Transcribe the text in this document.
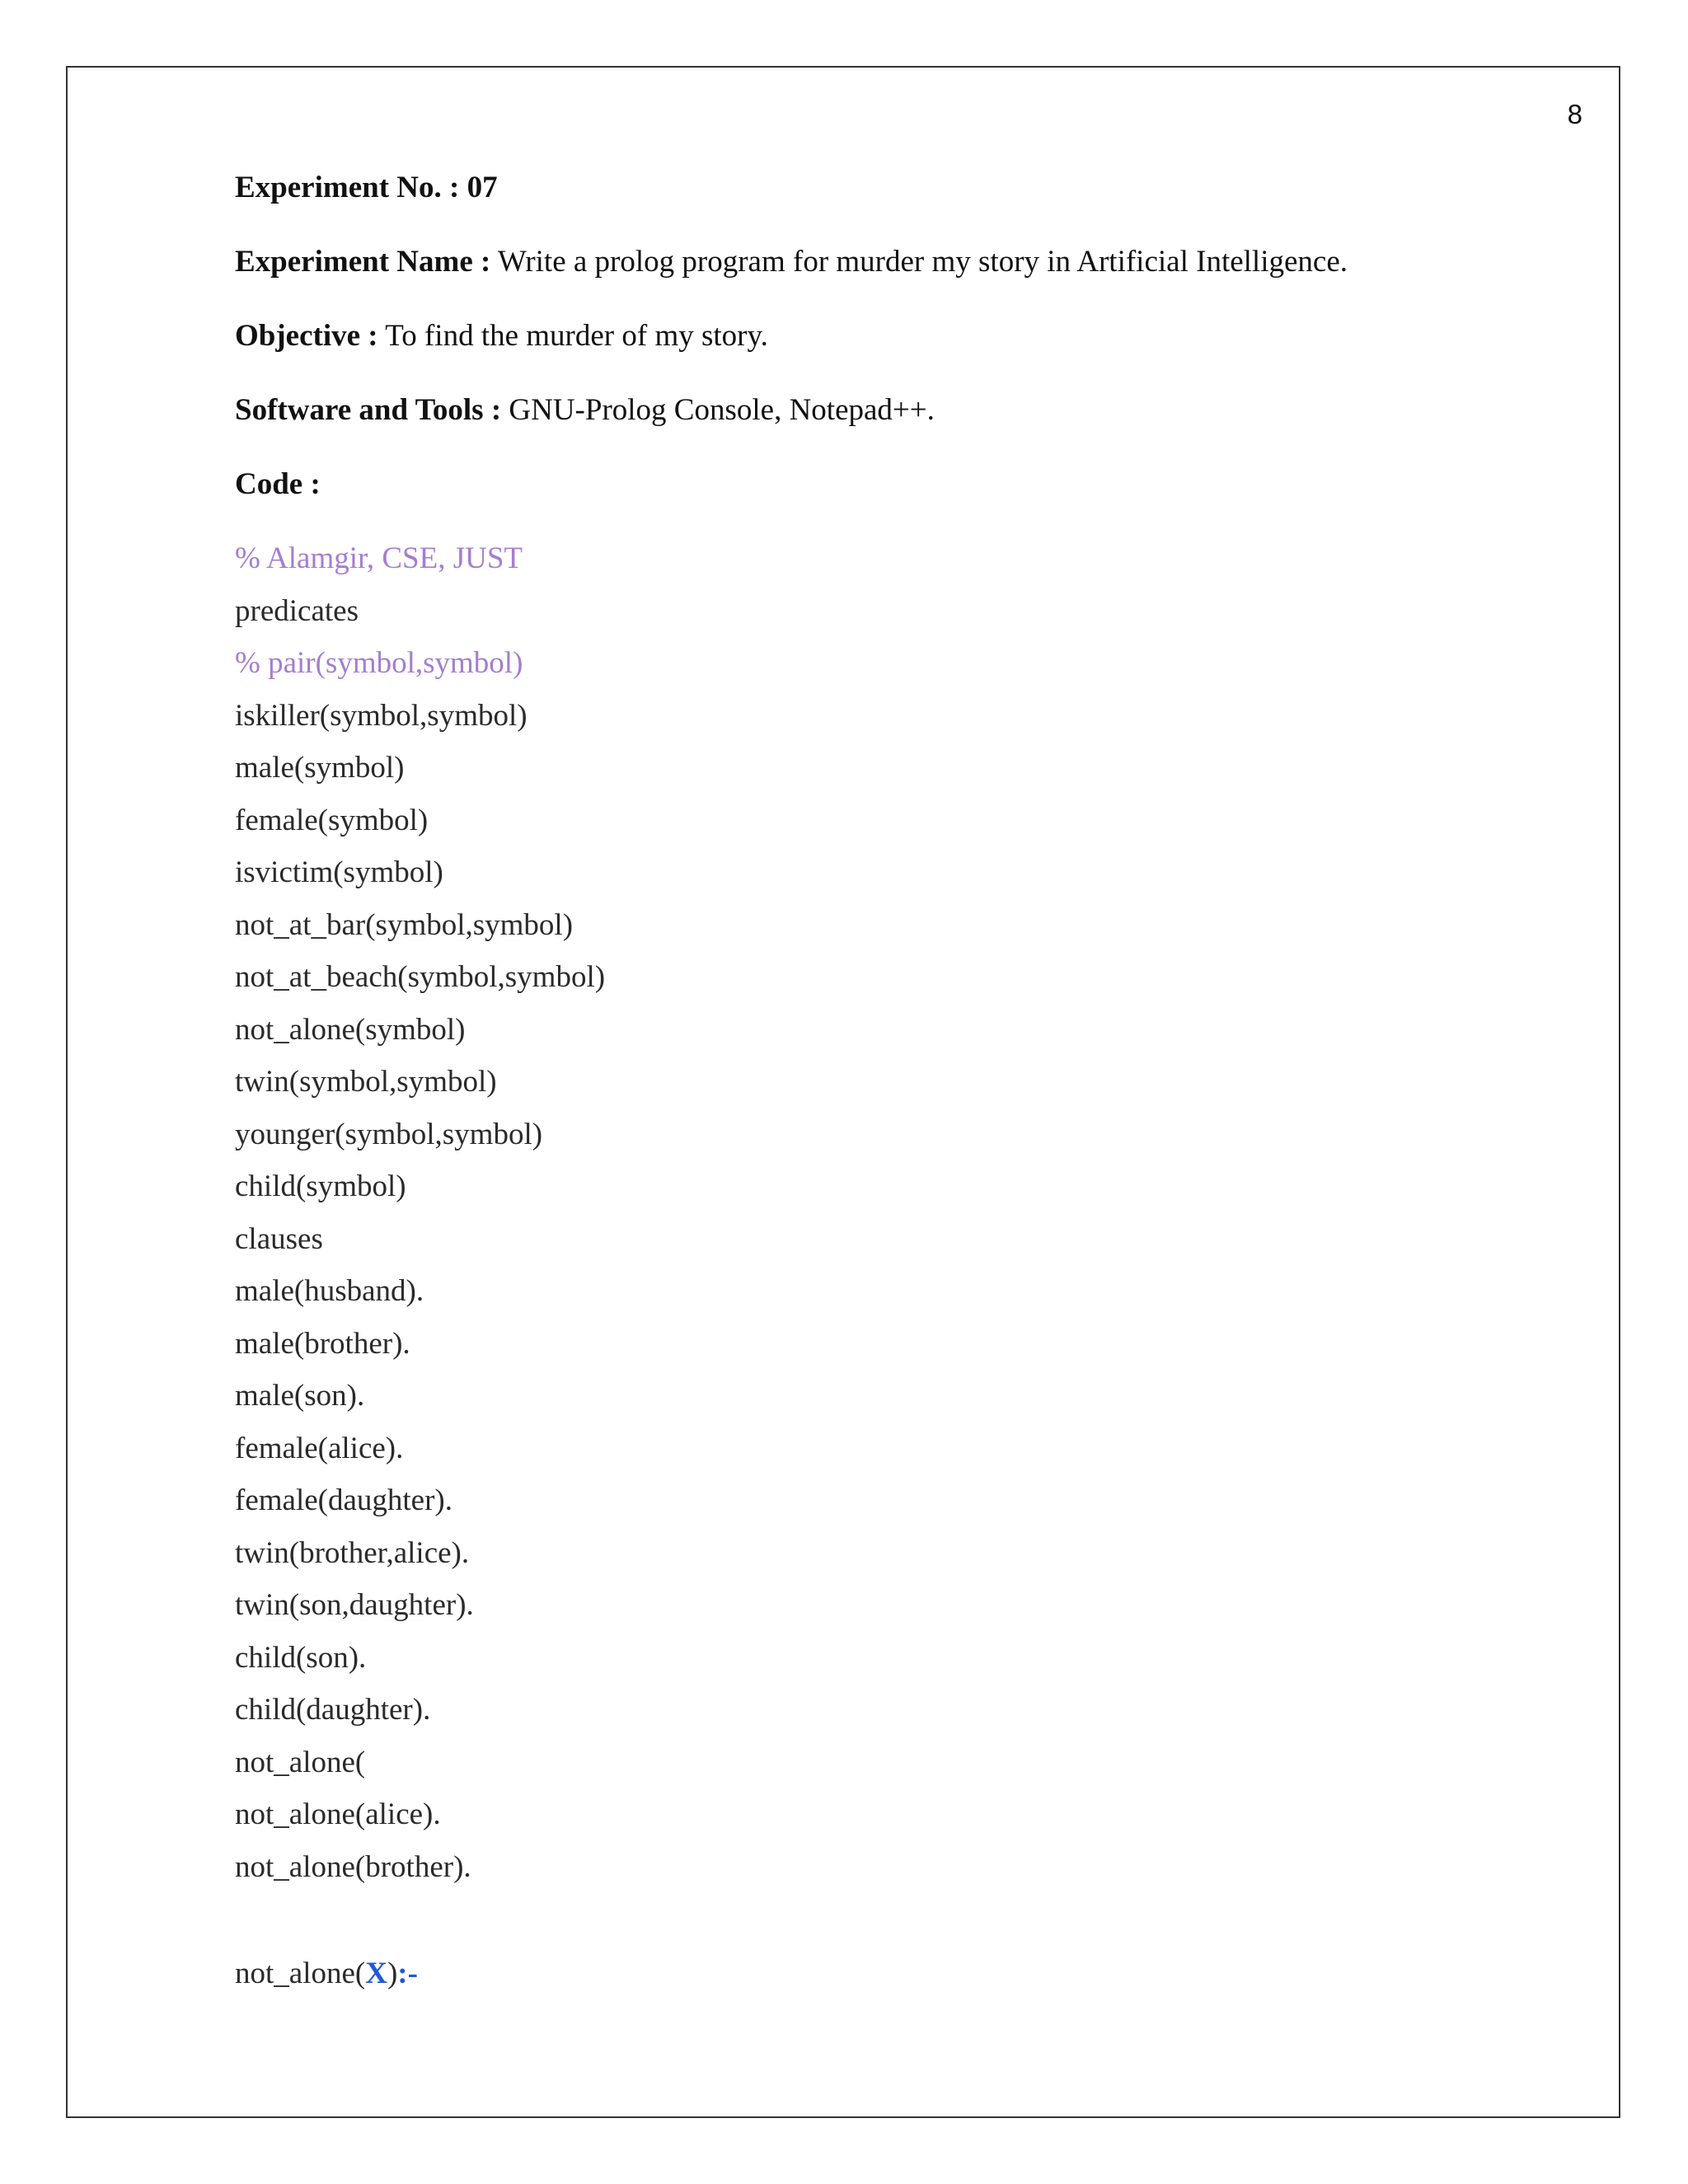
8
Experiment No. : 07
Experiment Name : Write a prolog program for murder my story in Artificial Intelligence.
Objective : To find the murder of my story.
Software and Tools : GNU-Prolog Console, Notepad++.
Code :
% Alamgir, CSE, JUST
predicates
% pair(symbol,symbol)
iskiller(symbol,symbol)
male(symbol)
female(symbol)
isvictim(symbol)
not_at_bar(symbol,symbol)
not_at_beach(symbol,symbol)
not_alone(symbol)
twin(symbol,symbol)
younger(symbol,symbol)
child(symbol)
clauses
male(husband).
male(brother).
male(son).
female(alice).
female(daughter).
twin(brother,alice).
twin(son,daughter).
child(son).
child(daughter).
not_alone(
not_alone(alice).
not_alone(brother).
not_alone(X):-
